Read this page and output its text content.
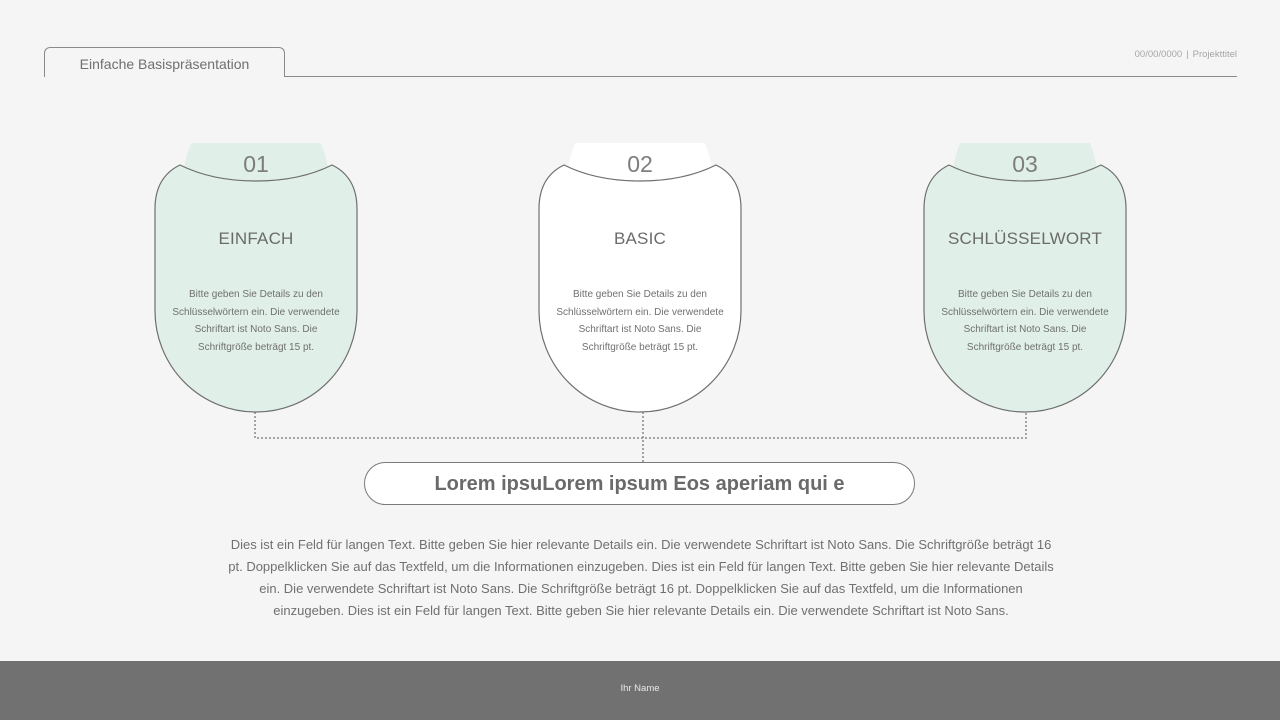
Einfache Basispräsentation
00/00/0000 | Projekttitel
01
EINFACH
Bitte geben Sie Details zu den Schlüsselwörtern ein. Die verwendete Schriftart ist Noto Sans. Die Schriftgröße beträgt 15 pt.
02
BASIC
Bitte geben Sie Details zu den Schlüsselwörtern ein. Die verwendete Schriftart ist Noto Sans. Die Schriftgröße beträgt 15 pt.
03
SCHLÜSSELWORT
Bitte geben Sie Details zu den Schlüsselwörtern ein. Die verwendete Schriftart ist Noto Sans. Die Schriftgröße beträgt 15 pt.
Lorem ipsuLorem ipsum Eos aperiam qui e
Dies ist ein Feld für langen Text. Bitte geben Sie hier relevante Details ein. Die verwendete Schriftart ist Noto Sans. Die Schriftgröße beträgt 16 pt. Doppelklicken Sie auf das Textfeld, um die Informationen einzugeben. Dies ist ein Feld für langen Text. Bitte geben Sie hier relevante Details ein. Die verwendete Schriftart ist Noto Sans. Die Schriftgröße beträgt 16 pt. Doppelklicken Sie auf das Textfeld, um die Informationen einzugeben. Dies ist ein Feld für langen Text. Bitte geben Sie hier relevante Details ein. Die verwendete Schriftart ist Noto Sans.
Ihr Name
